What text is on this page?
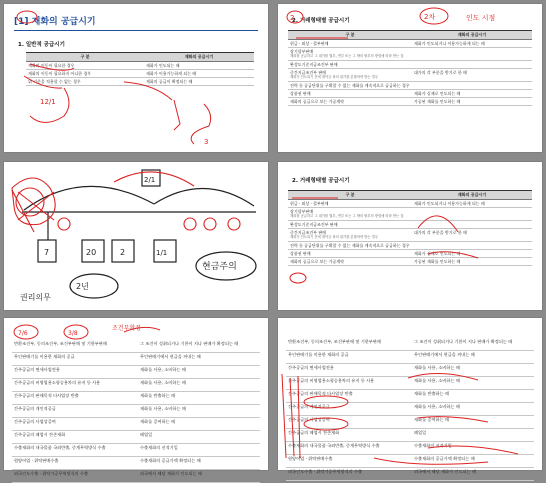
[1] 재화의 공급시기
1. 일반적 공급시기
구 분	재화의 공급시기
재화의 이동이 필요한 경우	재화가 인도되는 때
재화의 이동이 필요하지 아니한 경우	재화가 이용가능하게 되는 때
위 기준을 적용할 수 없는 경우	재화의 공급이 확정되는 때
12/1
3
2. 거래형태별 공급시기
구 분	재화의 공급시기
현금 · 외상 · 할부판매	재화가 인도되거나 이용가능하게 되는 때
장기할부판매
재화를 공급하고 그 대가를 월부, 연부 또는 그 밖의 할부의 방법에 따라 받는 것	

완성도기준지급조건부 판매	
중간지급조건부 판매
재화가 인도되기 전에 계약금 외의 대가를 분할하여 받는 경우	대가의 각 부분을 받기로 한 때
전력 등 공급단위를 구획할 수 없는 재화를 계속적으로 공급하는 경우	
상품권 판매	재화가 실제로 인도되는 때
재화의 공급으로 보는 가공계약	가공된 재화를 인도하는 때
2	2차	인도 시점
2/1
7	20	2	1/1
현금주의
권리의무
2년
2. 거래형태별 공급시기
구 분	재화의 공급시기
현금 · 외상 · 할부판매	재화가 인도되거나 이용가능하게 되는 때
장기할부판매
재화를 공급하고 그 대가를 월부, 연부 또는 그 밖의 할부의 방법에 따라 받는 것	

완성도기준지급조건부 판매	
중간지급조건부 판매
재화가 인도되기 전에 계약금 외의 대가를 분할하여 받는 경우	대가의 각 부분을 받기로 한 때
전력 등 공급단위를 구획할 수 없는 재화를 계속적으로 공급하는 경우	
상품권 판매	재화가 실제로 인도되는 때
재화의 공급으로 보는 가공계약	가공된 재화를 인도하는 때
반환조건부, 동의조건부, 조건부판매 및 기한부판매	그 조건이 성취되거나 기한이 지나 판매가 확정되는 때
무인판매기를 이용한 재화의 공급	무인판매기에서 현금을 꺼내는 때
간주공급의 면세사업전용	재화를 사용, 소비하는 때
간주공급의 비영업용소형승용차의 유지 등 사용	재화를 사용, 소비하는 때
간주공급의 판매목적 타사업장 반출	재화를 반출하는 때
간주공급의 개인적공급	재화를 사용, 소비하는 때
간주공급의 사업상증여	재화를 증여하는 때
간주공급의 폐업시 잔존재화	폐업일
수출재화의 내국물품 국외반출, 중계무역방식 수출	수출재화의 선적기일
원양어업 · 위탁판매수출	수출재화의 공급가액 확정되는 때
외국인도수출 · 위탁가공무역방식의 수출	외국에서 해당 재화가 인도되는 때
7/6	3/8
조건부확정
반환조건부, 동의조건부, 조건부판매 및 기한부판매	그 조건이 성취되거나 기한이 지나 판매가 확정되는 때
무인판매기를 이용한 재화의 공급	무인판매기에서 현금을 꺼내는 때
간주공급의 면세사업전용	재화를 사용, 소비하는 때
간주공급의 비영업용소형승용차의 유지 등 사용	재화를 사용, 소비하는 때
간주공급의 판매목적 타사업장 반출	재화를 반출하는 때
간주공급의 개인적공급	재화를 사용, 소비하는 때
간주공급의 사업상증여	재화를 증여하는 때
간주공급의 폐업시 잔존재화	폐업일
수출재화의 내국물품 국외반출, 중계무역방식 수출	수출재화의 선적기일
원양어업 · 위탁판매수출	수출재화의 공급가액 확정되는 때
외국인도수출 · 위탁가공무역방식의 수출	외국에서 해당 재화가 인도되는 때
